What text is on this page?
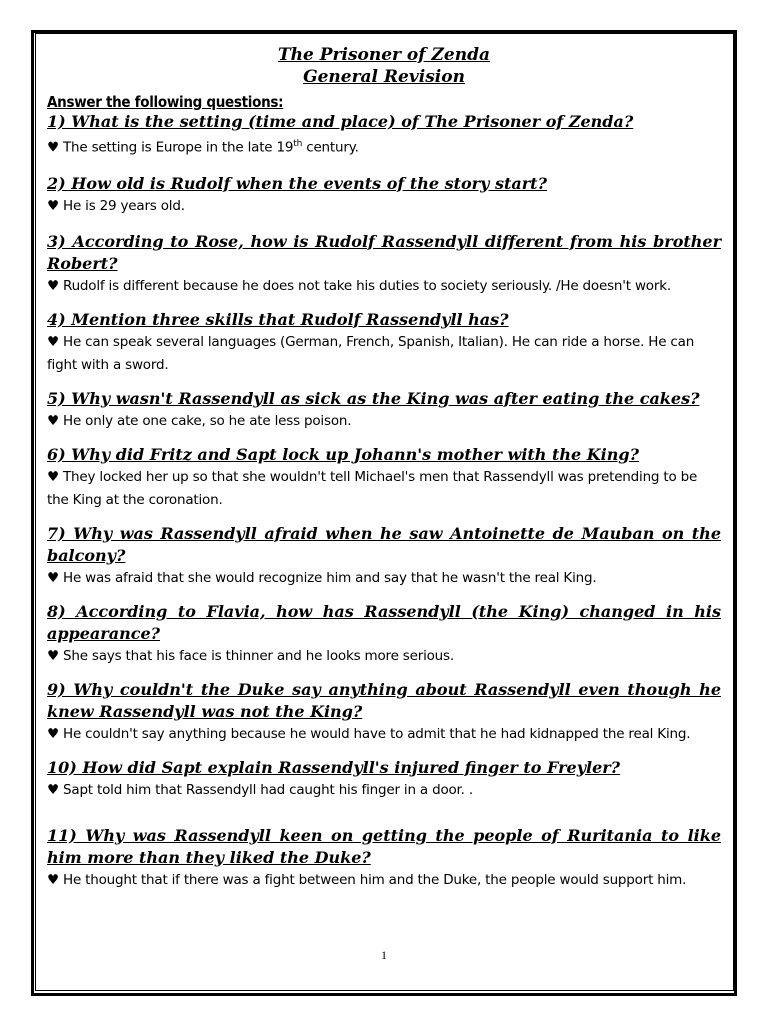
The Prisoner of Zenda
General Revision
Answer the following questions:
1) What is the setting (time and place) of The Prisoner of Zenda?
♥ The setting is Europe in the late 19th century.
2) How old is Rudolf when the events of the story start?
♥ He is 29 years old.
3) According to Rose, how is Rudolf Rassendyll different from his brother Robert?
♥ Rudolf is different because he does not take his duties to society seriously. /He doesn't work.
4) Mention three skills that Rudolf Rassendyll has?
♥ He can speak several languages (German, French, Spanish, Italian). He can ride a horse. He can fight with a sword.
5) Why wasn't Rassendyll as sick as the King was after eating the cakes?
♥ He only ate one cake, so he ate less poison.
6) Why did Fritz and Sapt lock up Johann's mother with the King?
♥ They locked her up so that she wouldn't tell Michael's men that Rassendyll was pretending to be the King at the coronation.
7) Why was Rassendyll afraid when he saw Antoinette de Mauban on the balcony?
♥ He was afraid that she would recognize him and say that he wasn't the real King.
8) According to Flavia, how has Rassendyll (the King) changed in his appearance?
♥ She says that his face is thinner and he looks more serious.
9) Why couldn't the Duke say anything about Rassendyll even though he knew Rassendyll was not the King?
♥ He couldn't say anything because he would have to admit that he had kidnapped the real King.
10) How did Sapt explain Rassendyll's injured finger to Freyler?
♥ Sapt told him that Rassendyll had caught his finger in a door. .
11) Why was Rassendyll keen on getting the people of Ruritania to like him more than they liked the Duke?
♥ He thought that if there was a fight between him and the Duke, the people would support him.
1
